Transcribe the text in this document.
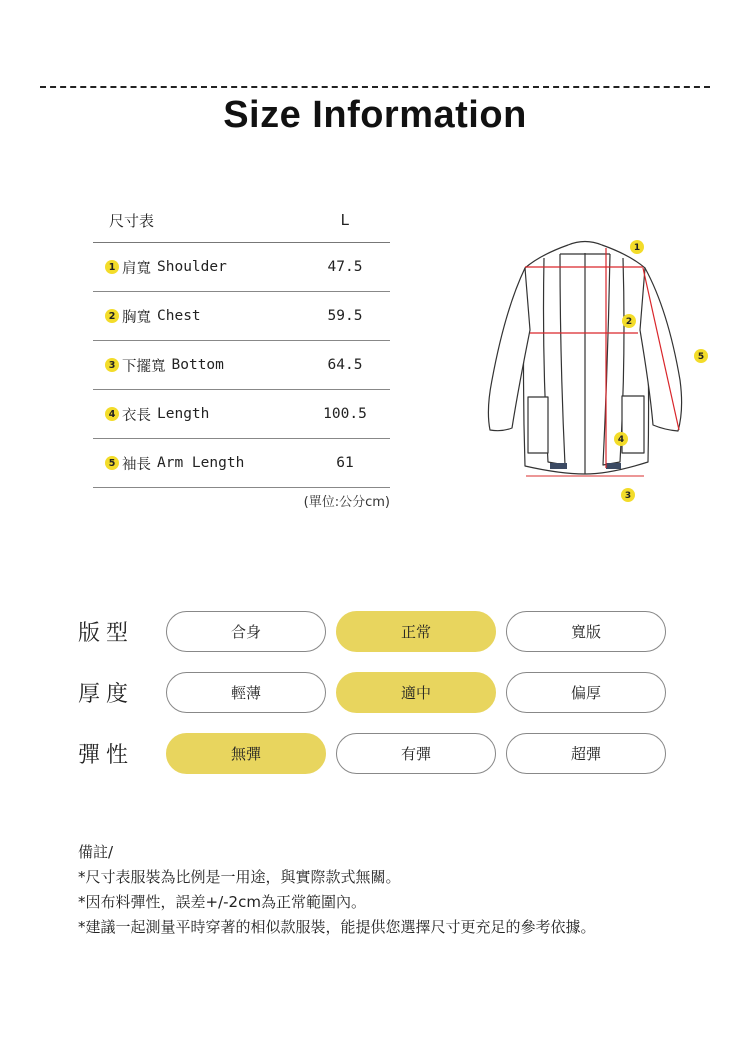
Size Information
尺寸表	L
1 肩寬 Shoulder	47.5
2 胸寬 Chest	59.5
3 下擺寬 Bottom	64.5
4 衣長 Length	100.5
5 袖長 Arm Length	61
(單位:公分cm)
1
2
5
4
3
版型	合身	正常	寬版
厚度	輕薄	適中	偏厚
彈性	無彈	有彈	超彈
備註/
*尺寸表服裝為比例是一用途，與實際款式無關。
*因布料彈性，誤差+/-2cm為正常範圍內。
*建議一起測量平時穿著的相似款服裝，能提供您選擇尺寸更充足的參考依據。
